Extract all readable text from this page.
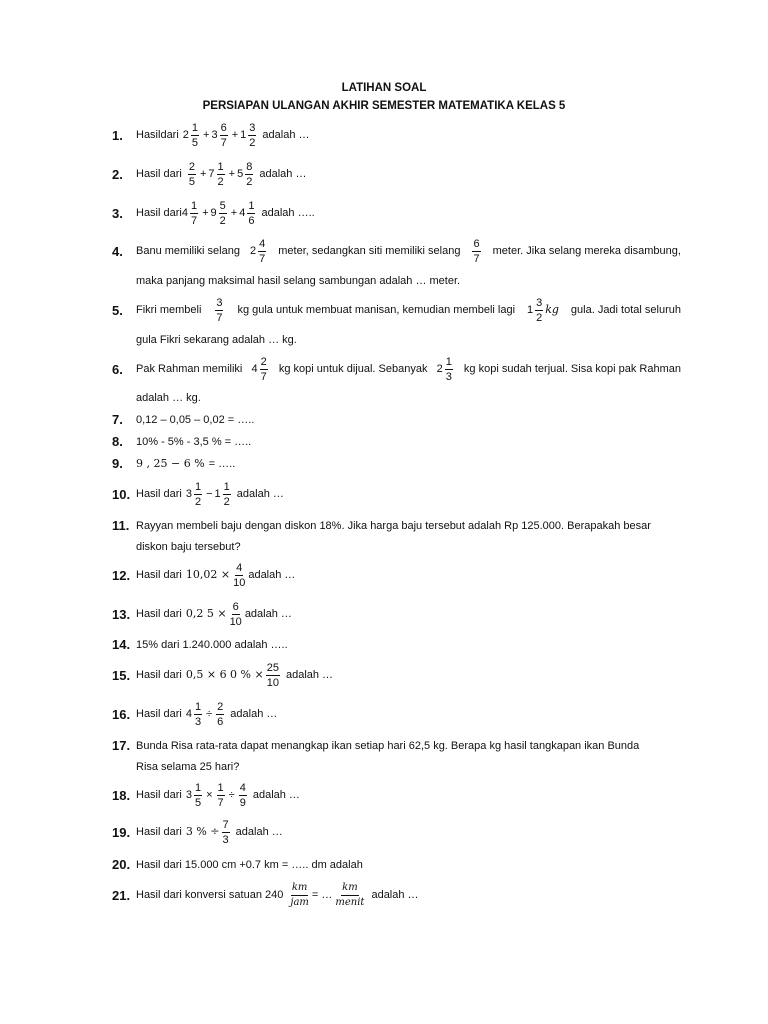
LATIHAN SOAL
PERSIAPAN ULANGAN AKHIR SEMESTER MATEMATIKA KELAS 5
1. Hasildari $2 \frac{1}{5} + 3 \frac{6}{7} + 1 \frac{3}{2}$ adalah …
2. Hasil dari $\frac{2}{5} + 7 \frac{1}{2} + 5 \frac{8}{2}$ adalah …
3. Hasil dari $4 \frac{1}{7} + 9 \frac{5}{2} + 4 \frac{1}{6}$ adalah …..
4. Banu memiliki selang $2 \frac{4}{7}$ meter, sedangkan siti memiliki selang $\frac{6}{7}$ meter. Jika selang mereka disambung,
maka panjang maksimal hasil selang sambungan adalah … meter.
5. Fikri membeli $\frac{3}{7}$ kg gula untuk membuat manisan, kemudian membeli lagi $1 \frac{3}{2}$ kg gula. Jadi total seluruh
gula Fikri sekarang adalah … kg.
6. Pak Rahman memiliki $4 \frac{2}{7}$ kg kopi untuk dijual. Sebanyak $2 \frac{1}{3}$ kg kopi sudah terjual. Sisa kopi pak Rahman
adalah … kg.
7. 0,12 – 0,05 – 0,02 = …..
8. 10% - 5% - 3,5 % = …..
9. 9 , 25 − 6 % = …..
10. Hasil dari $3 \frac{1}{2} - 1 \frac{1}{2}$ adalah …
11. Rayyan membeli baju dengan diskon 18%. Jika harga baju tersebut adalah Rp 125.000. Berapakah besar
diskon baju tersebut?
12. Hasil dari $10,02 \times \frac{4}{10}$ adalah …
13. Hasil dari 0,2 $5 \times \frac{6}{10}$ adalah …
14. 15% dari 1.240.000 adalah …..
15. Hasil dari 0,5 × 6 0 % × $\frac{25}{10}$ adalah …
16. Hasil dari $4 \frac{1}{3} \div \frac{2}{6}$ adalah …
17. Bunda Risa rata-rata dapat menangkap ikan setiap hari 62,5 kg. Berapa kg hasil tangkapan ikan Bunda
Risa selama 25 hari?
18. Hasil dari $3 \frac{1}{5} \times \frac{1}{7} \div \frac{4}{9}$ adalah …
19. Hasil dari 3 % ÷ $\frac{7}{3}$ adalah …
20. Hasil dari 15.000 cm +0.7 km = ….. dm adalah
21. Hasil dari konversi satuan $240 \frac{km}{\text{jam}}$ = … $\frac{km}{\text{menit}}$ adalah …
